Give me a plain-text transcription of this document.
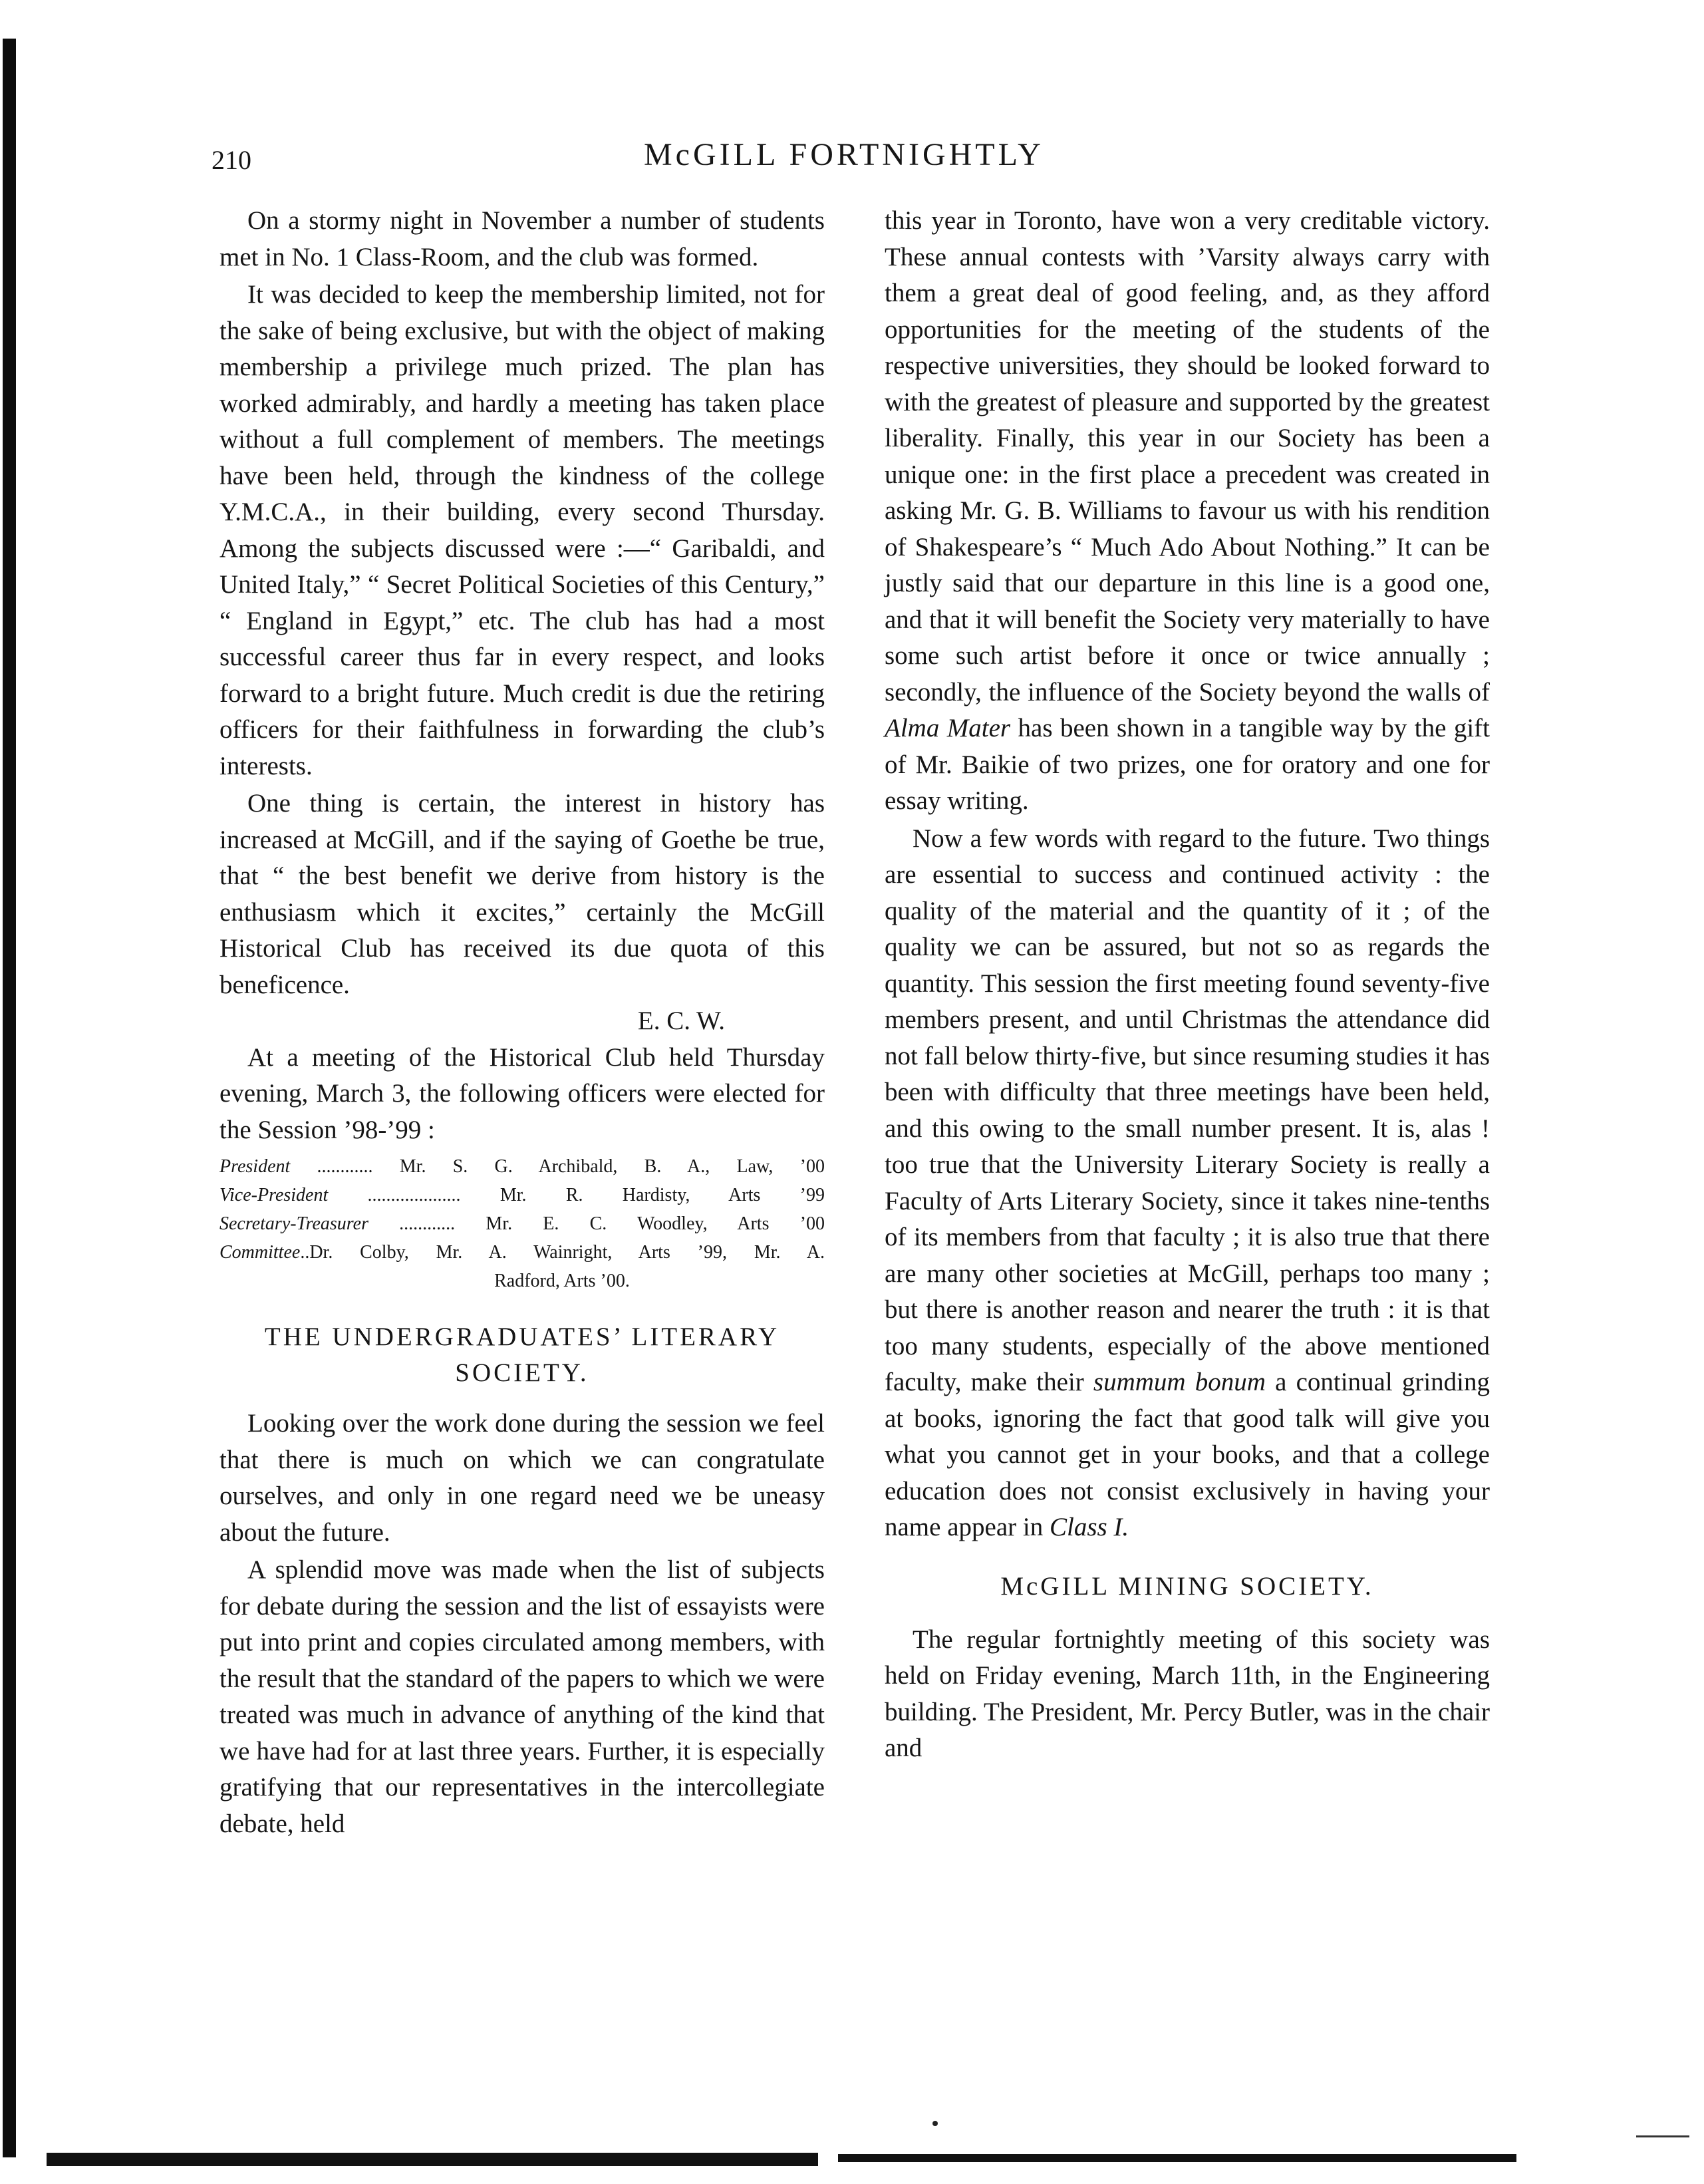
210	McGILL FORTNIGHTLY

On a stormy night in November a number of students met in No. 1 Class-Room, and the club was formed.

It was decided to keep the membership limited, not for the sake of being exclusive, but with the object of making membership a privilege much prized. The plan has worked admirably, and hardly a meeting has taken place without a full complement of members. The meetings have been held, through the kindness of the college Y.M.C.A., in their building, every second Thursday. Among the subjects discussed were :—“ Garibaldi, and United Italy,” “ Secret Political Societies of this Century,” “ England in Egypt,” etc. The club has had a most successful career thus far in every respect, and looks forward to a bright future. Much credit is due the retiring officers for their faithfulness in forwarding the club’s interests.

One thing is certain, the interest in history has increased at McGill, and if the saying of Goethe be true, that “ the best benefit we derive from history is the enthusiasm which it excites,” certainly the McGill Historical Club has received its due quota of this beneficence.

E. C. W.

At a meeting of the Historical Club held Thursday evening, March 3, the following officers were elected for the Session ’98-’99 :

President ............ Mr. S. G. Archibald, B. A., Law, ’00
Vice-President .................... Mr. R. Hardisty, Arts ’99
Secretary-Treasurer ............ Mr. E. C. Woodley, Arts ’00
Committee..Dr. Colby, Mr. A. Wainright, Arts ’99, Mr. A.
Radford, Arts ’00.
THE UNDERGRADUATES’ LITERARY SOCIETY.

Looking over the work done during the session we feel that there is much on which we can congratulate ourselves, and only in one regard need we be uneasy about the future.

A splendid move was made when the list of subjects for debate during the session and the list of essayists were put into print and copies circulated among members, with the result that the standard of the papers to which we were treated was much in advance of anything of the kind that we have had for at last three years. Further, it is especially gratifying that our representatives in the intercollegiate debate, held

this year in Toronto, have won a very creditable victory. These annual contests with ’Varsity always carry with them a great deal of good feeling, and, as they afford opportunities for the meeting of the students of the respective universities, they should be looked forward to with the greatest of pleasure and supported by the greatest liberality. Finally, this year in our Society has been a unique one: in the first place a precedent was created in asking Mr. G. B. Williams to favour us with his rendition of Shakespeare’s “ Much Ado About Nothing.” It can be justly said that our departure in this line is a good one, and that it will benefit the Society very materially to have some such artist before it once or twice annually ; secondly, the influence of the Society beyond the walls of Alma Mater has been shown in a tangible way by the gift of Mr. Baikie of two prizes, one for oratory and one for essay writing.

Now a few words with regard to the future. Two things are essential to success and continued activity : the quality of the material and the quantity of it ; of the quality we can be assured, but not so as regards the quantity. This session the first meeting found seventy-five members present, and until Christmas the attendance did not fall below thirty-five, but since resuming studies it has been with difficulty that three meetings have been held, and this owing to the small number present. It is, alas ! too true that the University Literary Society is really a Faculty of Arts Literary Society, since it takes nine-tenths of its members from that faculty ; it is also true that there are many other societies at McGill, perhaps too many ; but there is another reason and nearer the truth : it is that too many students, especially of the above mentioned faculty, make their summum bonum a continual grinding at books, ignoring the fact that good talk will give you what you cannot get in your books, and that a college education does not consist exclusively in having your name appear in Class I.

McGILL MINING SOCIETY.

The regular fortnightly meeting of this society was held on Friday evening, March 11th, in the Engineering building. The President, Mr. Percy Butler, was in the chair and
